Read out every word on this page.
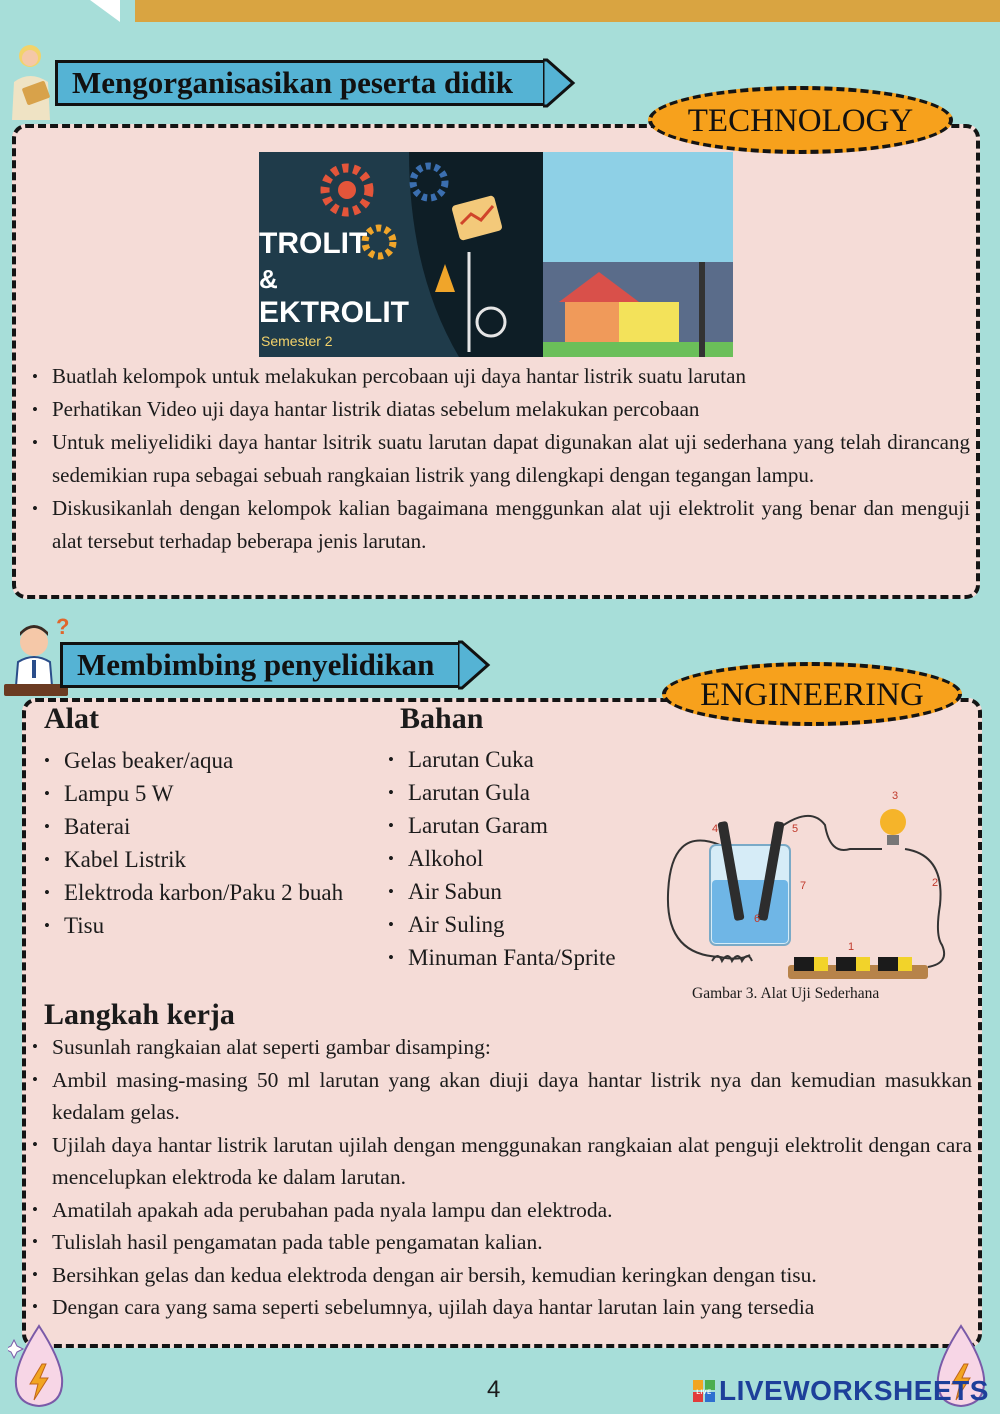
Mengorganisasikan peserta didik
TECHNOLOGY
TROLIT
&
EKTROLIT
Semester 2
• Buatlah kelompok untuk melakukan percobaan uji daya hantar listrik suatu larutan
• Perhatikan Video uji daya hantar listrik diatas sebelum melakukan percobaan
• Untuk meliyelidiki daya hantar lsitrik suatu larutan dapat digunakan alat uji sederhana yang telah dirancang sedemikian rupa sebagai sebuah rangkaian listrik yang dilengkapi dengan tegangan lampu.
• Diskusikanlah dengan kelompok kalian bagaimana menggunkan alat uji elektrolit yang benar dan menguji alat tersebut terhadap beberapa jenis larutan.
?
Membimbing penyelidikan
ENGINEERING
Alat
• Gelas beaker/aqua
• Lampu 5 W
• Baterai
• Kabel Listrik
• Elektroda karbon/Paku 2 buah
• Tisu
Bahan
• Larutan Cuka
• Larutan Gula
• Larutan Garam
• Alkohol
• Air Sabun
• Air Suling
• Minuman Fanta/Sprite	1
2
3
4	5
6
7
Gambar 3. Alat Uji Sederhana
Langkah kerja
• Susunlah rangkaian alat seperti gambar disamping:
• Ambil masing-masing 50 ml larutan yang akan diuji daya hantar listrik nya dan kemudian masukkan kedalam gelas.
• Ujilah daya hantar listrik larutan ujilah dengan menggunakan rangkaian alat penguji elektrolit dengan cara mencelupkan elektroda ke dalam larutan.
• Amatilah apakah ada perubahan pada nyala lampu dan elektroda.
• Tulislah hasil pengamatan pada table pengamatan kalian.
• Bersihkan gelas dan kedua elektroda dengan air bersih, kemudian keringkan dengan tisu.
• Dengan cara yang sama seperti sebelumnya, ujilah daya hantar larutan lain yang tersedia
4	LIVE LIVEWORKSHEETS
